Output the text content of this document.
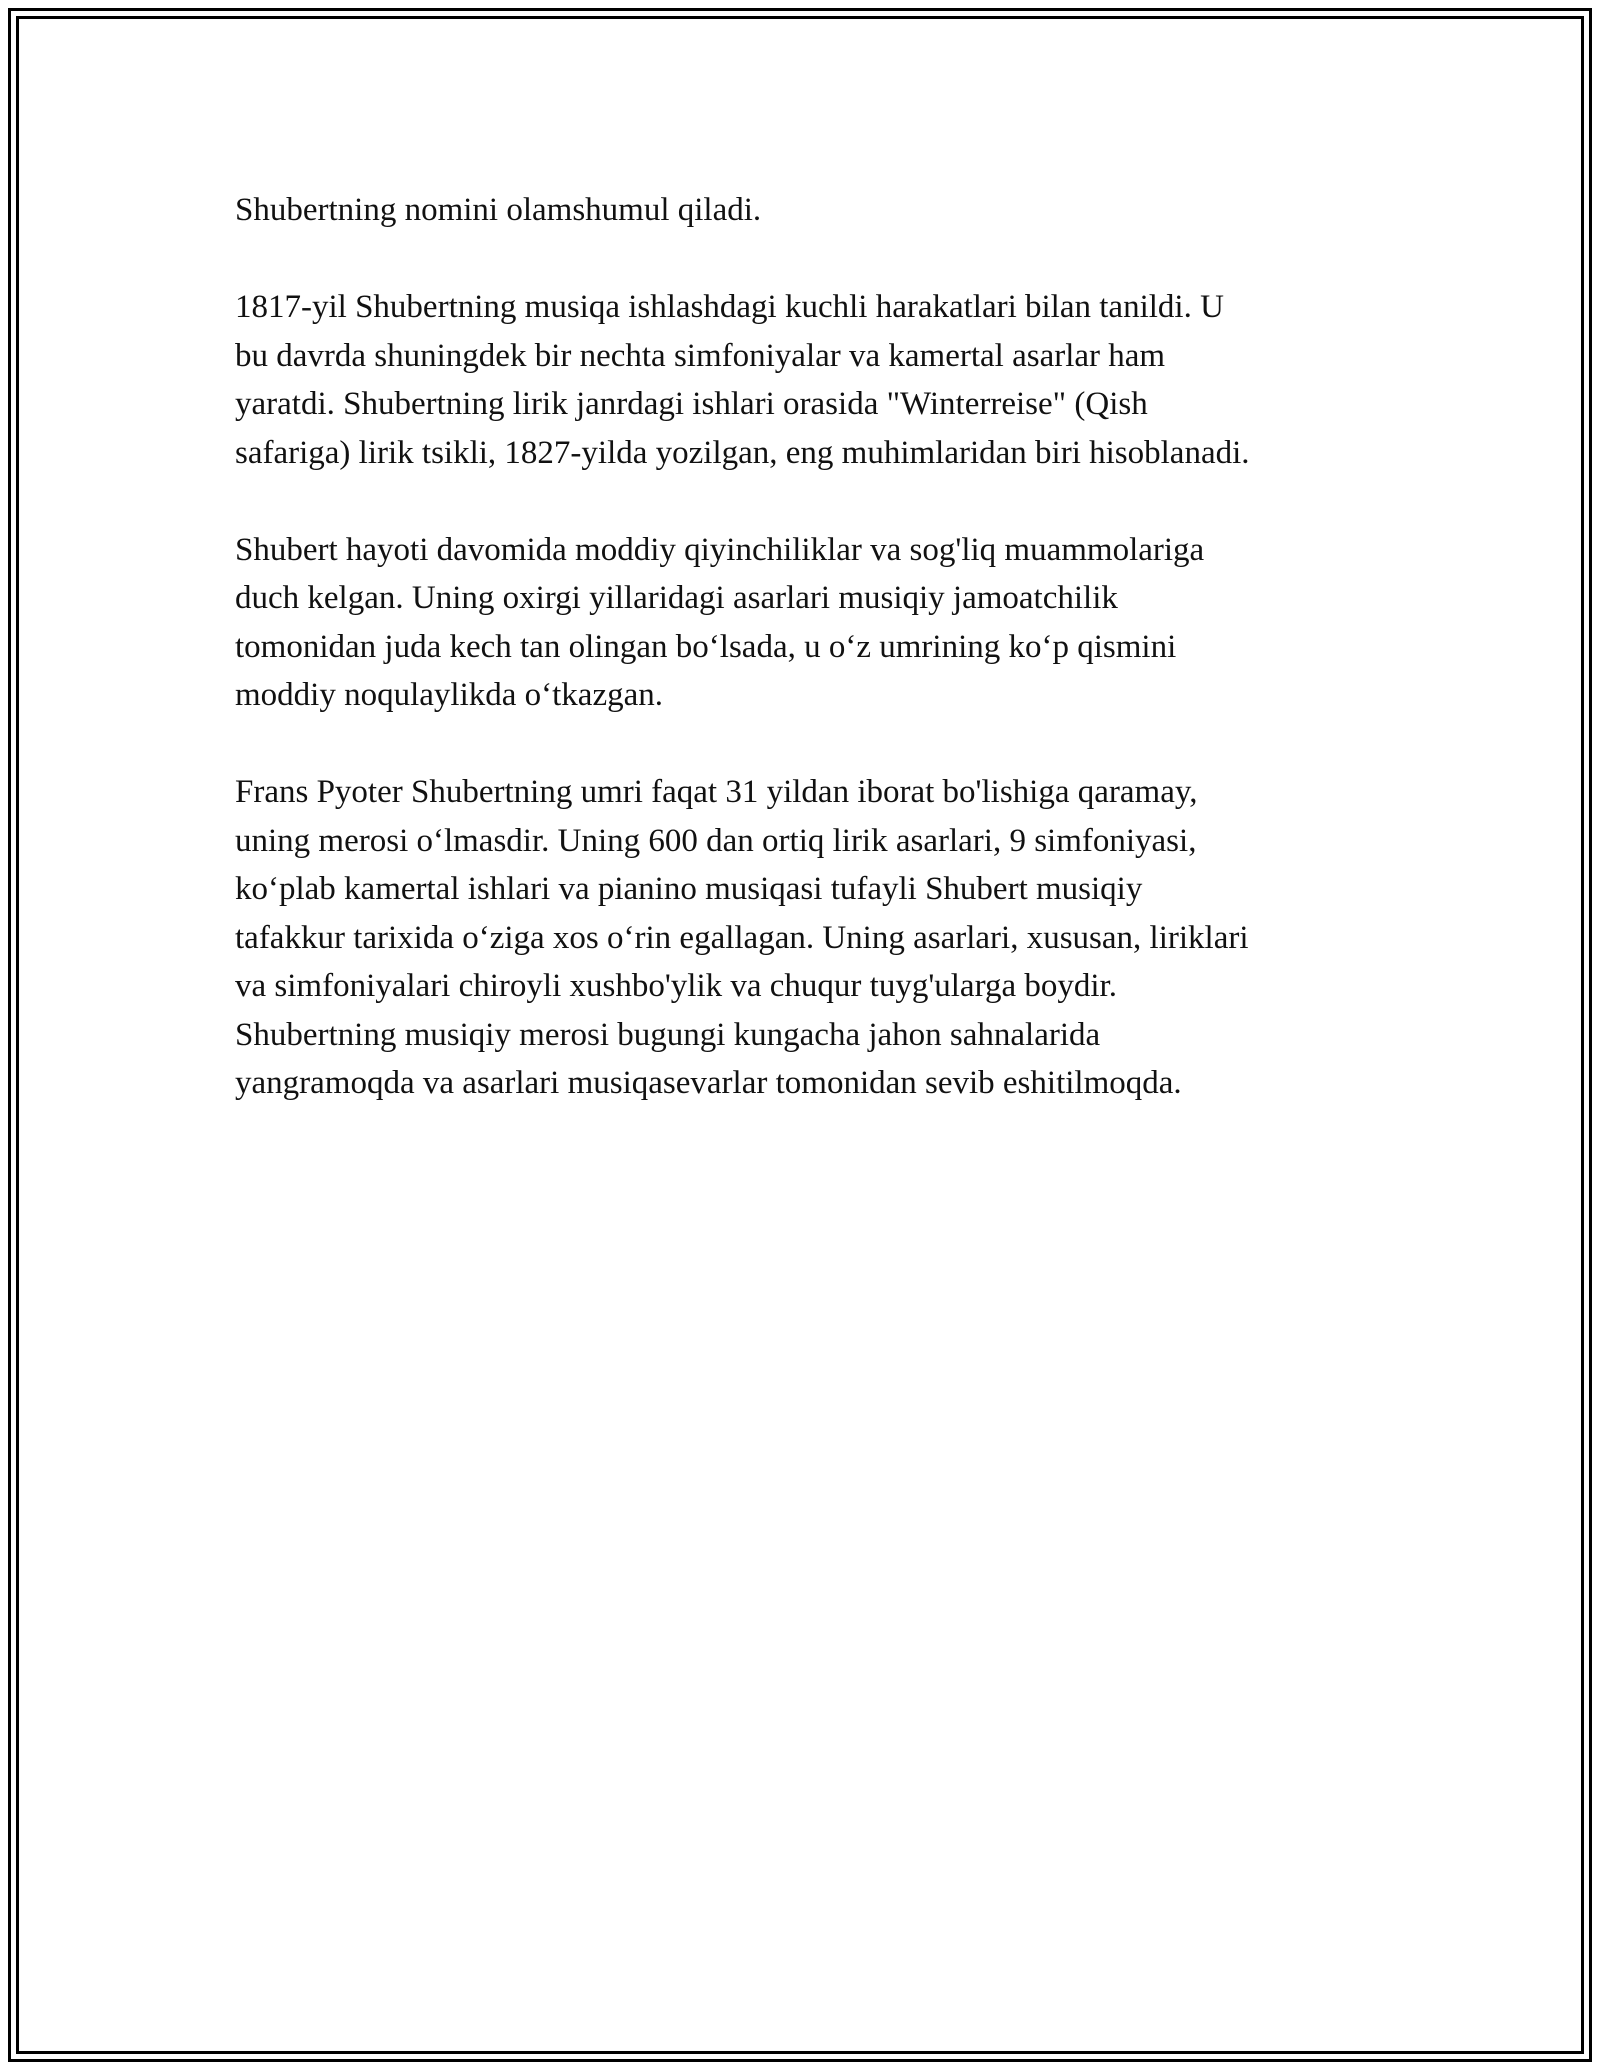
Shubertning nomini olamshumul qiladi.

1817-yil Shubertning musiqa ishlashdagi kuchli harakatlari bilan tanildi. U
bu davrda shuningdek bir nechta simfoniyalar va kamertal asarlar ham
yaratdi. Shubertning lirik janrdagi ishlari orasida "Winterreise" (Qish
safariga) lirik tsikli, 1827-yilda yozilgan, eng muhimlaridan biri hisoblanadi.

Shubert hayoti davomida moddiy qiyinchiliklar va sog'liq muammolariga
duch kelgan. Uning oxirgi yillaridagi asarlari musiqiy jamoatchilik
tomonidan juda kech tan olingan bo‘lsada, u o‘z umrining ko‘p qismini
moddiy noqulaylikda o‘tkazgan.

Frans Pyoter Shubertning umri faqat 31 yildan iborat bo'lishiga qaramay,
uning merosi o‘lmasdir. Uning 600 dan ortiq lirik asarlari, 9 simfoniyasi,
ko‘plab kamertal ishlari va pianino musiqasi tufayli Shubert musiqiy
tafakkur tarixida o‘ziga xos o‘rin egallagan. Uning asarlari, xususan, liriklari
va simfoniyalari chiroyli xushbo'ylik va chuqur tuyg'ularga boydir.
Shubertning musiqiy merosi bugungi kungacha jahon sahnalarida
yangramoqda va asarlari musiqasevarlar tomonidan sevib eshitilmoqda.
